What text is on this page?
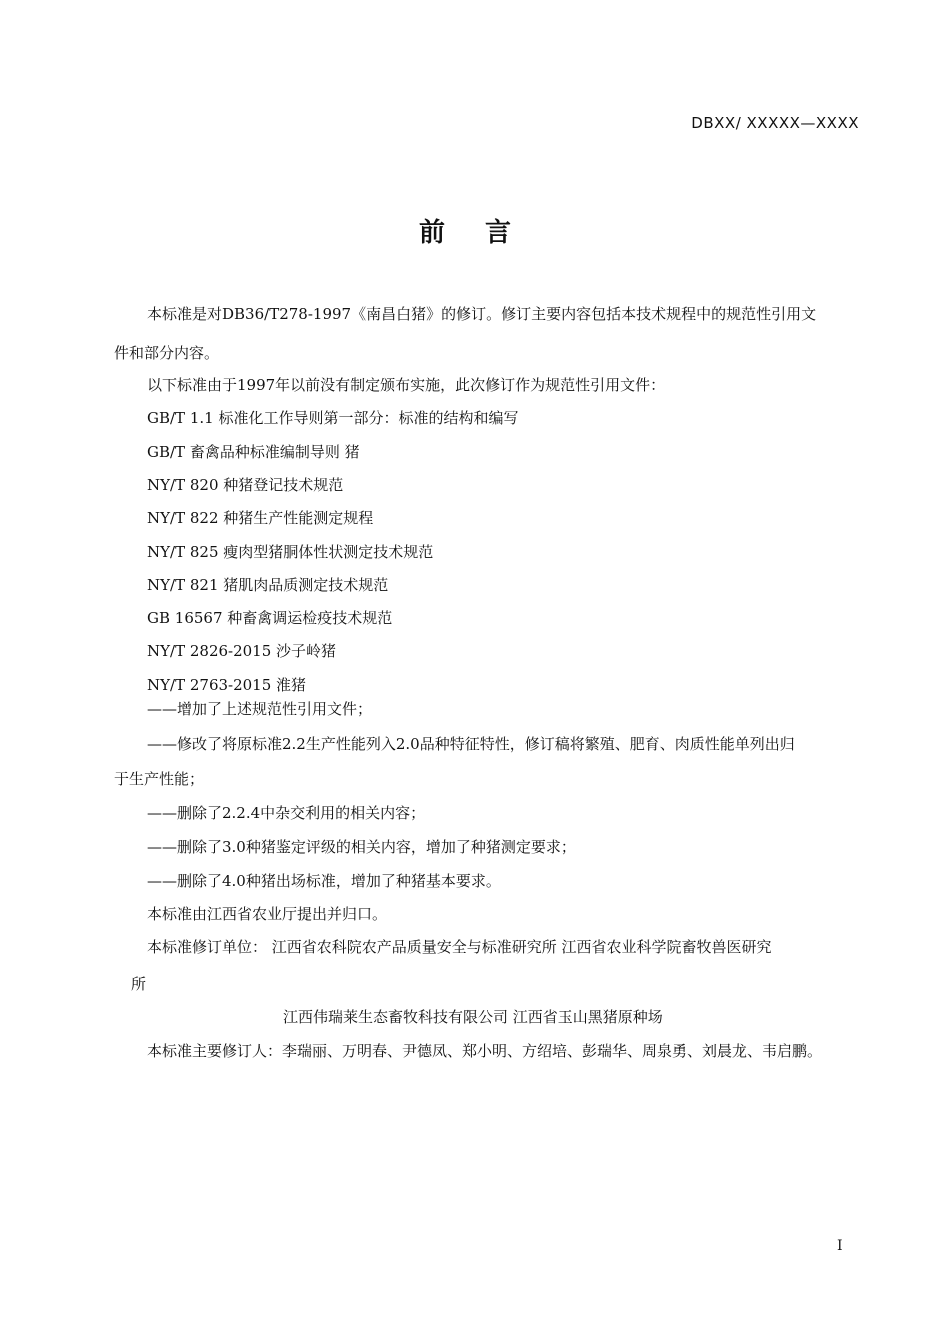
DBXX/ XXXXX—XXXX
前言
本标准是对DB36/T278-1997《南昌白猪》的修订。修订主要内容包括本技术规程中的规范性引用文
件和部分内容。
以下标准由于1997年以前没有制定颁布实施，此次修订作为规范性引用文件：
GB/T 1.1 标准化工作导则第一部分：标准的结构和编写
GB/T 畜禽品种标准编制导则 猪
NY/T 820 种猪登记技术规范
NY/T 822 种猪生产性能测定规程
NY/T 825 瘦肉型猪胴体性状测定技术规范
NY/T 821 猪肌肉品质测定技术规范
GB 16567 种畜禽调运检疫技术规范
NY/T 2826-2015 沙子岭猪
NY/T 2763-2015 淮猪
——增加了上述规范性引用文件；
——修改了将原标准2.2生产性能列入2.0品种特征特性，修订稿将繁殖、肥育、肉质性能单列出归
于生产性能；
——删除了2.2.4中杂交利用的相关内容；
——删除了3.0种猪鉴定评级的相关内容，增加了种猪测定要求；
——删除了4.0种猪出场标准，增加了种猪基本要求。
本标准由江西省农业厅提出并归口。
本标准修订单位： 江西省农科院农产品质量安全与标准研究所 江西省农业科学院畜牧兽医研究
所
江西伟瑞莱生态畜牧科技有限公司 江西省玉山黑猪原种场
本标准主要修订人：李瑞丽、万明春、尹德凤、郑小明、方绍培、彭瑞华、周泉勇、刘晨龙、韦启鹏。
I
